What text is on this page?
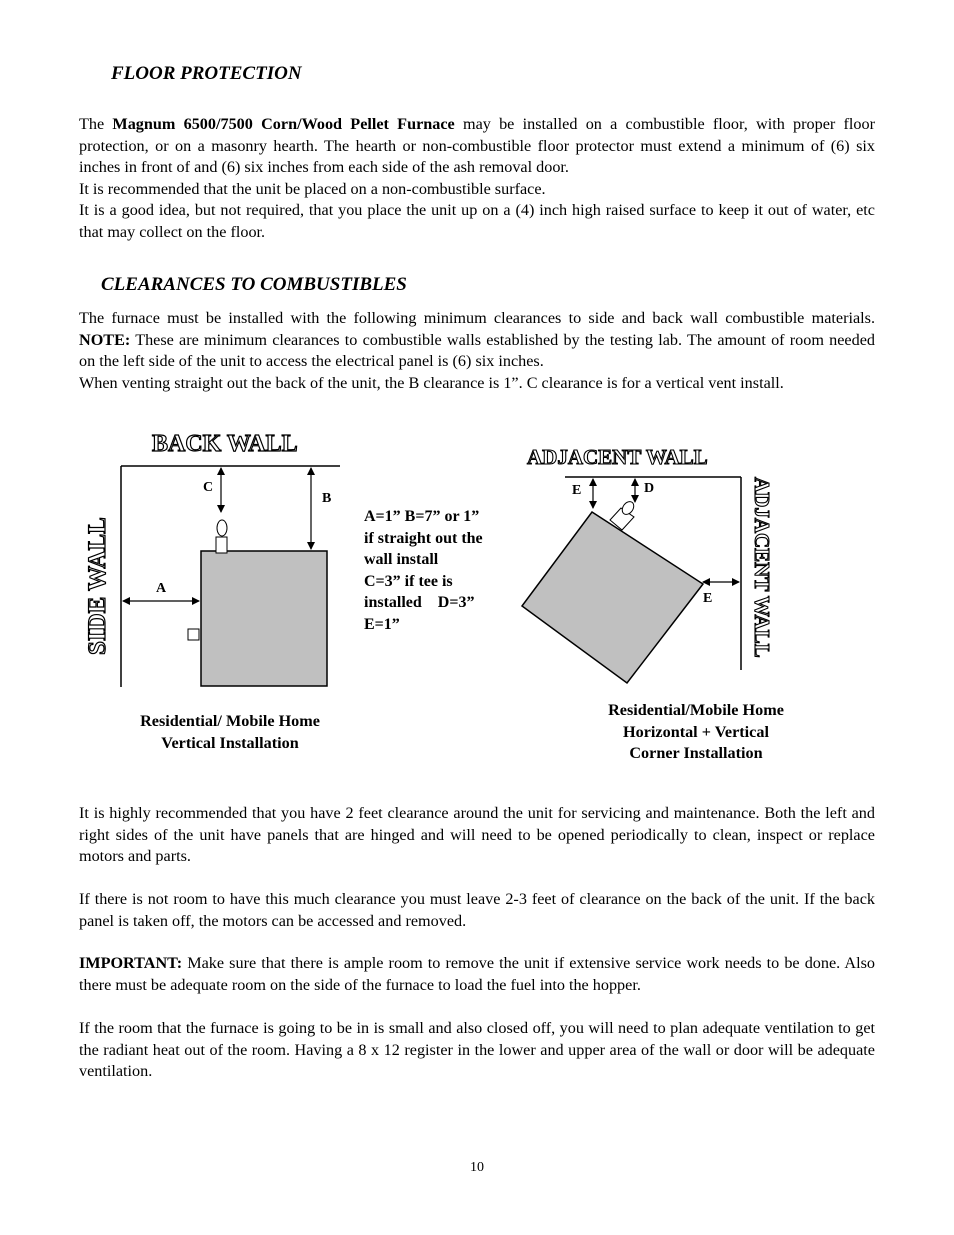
FLOOR PROTECTION

The Magnum 6500/7500 Corn/Wood Pellet Furnace may be installed on a combustible floor, with proper floor protection, or on a masonry hearth. The hearth or non-combustible floor protector must extend a minimum of (6) six inches in front of and (6) six inches from each side of the ash removal door.
It is recommended that the unit be placed on a non-combustible surface.
It is a good idea, but not required, that you place the unit up on a (4) inch high raised surface to keep it out of water, etc that may collect on the floor.

CLEARANCES TO COMBUSTIBLES

The furnace must be installed with the following minimum clearances to side and back wall combustible materials. NOTE: These are minimum clearances to combustible walls established by the testing lab. The amount of room needed on the left side of the unit to access the electrical panel is (6) six inches.
When venting straight out the back of the unit, the B clearance is 1”. C clearance is for a vertical vent install.

BACK WALL
SIDE WALL
C
B
A
ADJACENT WALL
ADJACENT WALL
E	D
E
A=1” B=7” or 1”
if straight out the
wall install
C=3” if tee is
installed    D=3”
E=1”
Residential/ Mobile Home
Vertical Installation
Residential/Mobile Home
Horizontal + Vertical
Corner Installation

It is highly recommended that you have 2 feet clearance around the unit for servicing and maintenance. Both the left and right sides of the unit have panels that are hinged and will need to be opened periodically to clean, inspect or replace motors and parts.

If there is not room to have this much clearance you must leave 2-3 feet of clearance on the back of the unit. If the back panel is taken off, the motors can be accessed and removed.

IMPORTANT: Make sure that there is ample room to remove the unit if extensive service work needs to be done. Also there must be adequate room on the side of the furnace to load the fuel into the hopper.

If the room that the furnace is going to be in is small and also closed off, you will need to plan adequate ventilation to get the radiant heat out of the room. Having a 8 x 12 register in the lower and upper area of the wall or door will be adequate ventilation.

10
